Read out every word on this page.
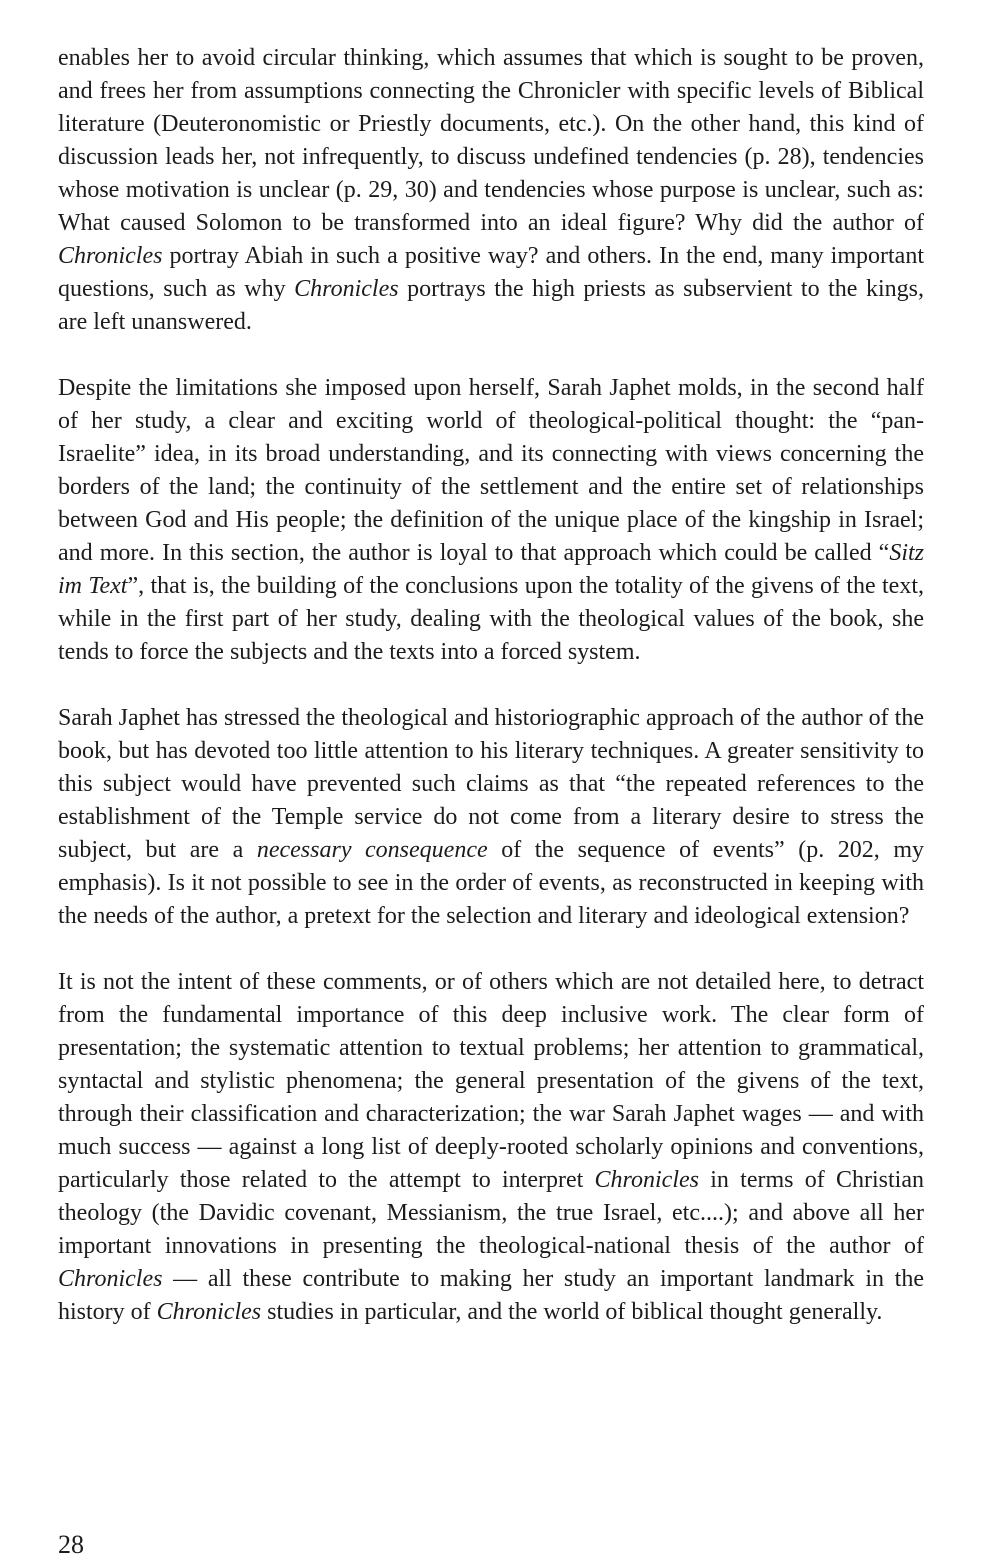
enables her to avoid circular thinking, which assumes that which is sought to be proven, and frees her from assumptions connecting the Chronicler with specific levels of Biblical literature (Deuteronomistic or Priestly documents, etc.). On the other hand, this kind of discussion leads her, not infrequently, to discuss undefined tendencies (p. 28), tendencies whose motivation is unclear (p. 29, 30) and tendencies whose purpose is unclear, such as: What caused Solomon to be transformed into an ideal figure? Why did the author of Chronicles portray Abiah in such a positive way? and others. In the end, many important questions, such as why Chronicles portrays the high priests as subservient to the kings, are left unanswered.

Despite the limitations she imposed upon herself, Sarah Japhet molds, in the second half of her study, a clear and exciting world of theological-political thought: the “pan-Israelite” idea, in its broad understanding, and its connecting with views concerning the borders of the land; the continuity of the settlement and the entire set of relationships between God and His people; the definition of the unique place of the kingship in Israel; and more. In this section, the author is loyal to that approach which could be called “Sitz im Text”, that is, the building of the conclusions upon the totality of the givens of the text, while in the first part of her study, dealing with the theological values of the book, she tends to force the subjects and the texts into a forced system.

Sarah Japhet has stressed the theological and historiographic approach of the author of the book, but has devoted too little attention to his literary techniques. A greater sensitivity to this subject would have prevented such claims as that “the repeated references to the establishment of the Temple service do not come from a literary desire to stress the subject, but are a necessary consequence of the sequence of events” (p. 202, my emphasis). Is it not possible to see in the order of events, as reconstructed in keeping with the needs of the author, a pretext for the selection and literary and ideological extension?

It is not the intent of these comments, or of others which are not detailed here, to detract from the fundamental importance of this deep inclusive work. The clear form of presentation; the systematic attention to textual problems; her attention to grammatical, syntactal and stylistic phenomena; the general presentation of the givens of the text, through their classification and characterization; the war Sarah Japhet wages — and with much success — against a long list of deeply-rooted scholarly opinions and conventions, particularly those related to the attempt to interpret Chronicles in terms of Christian theology (the Davidic covenant, Messianism, the true Israel, etc....); and above all her important innovations in presenting the theological-national thesis of the author of Chronicles — all these contribute to making her study an important landmark in the history of Chronicles studies in particular, and the world of biblical thought generally.

28
